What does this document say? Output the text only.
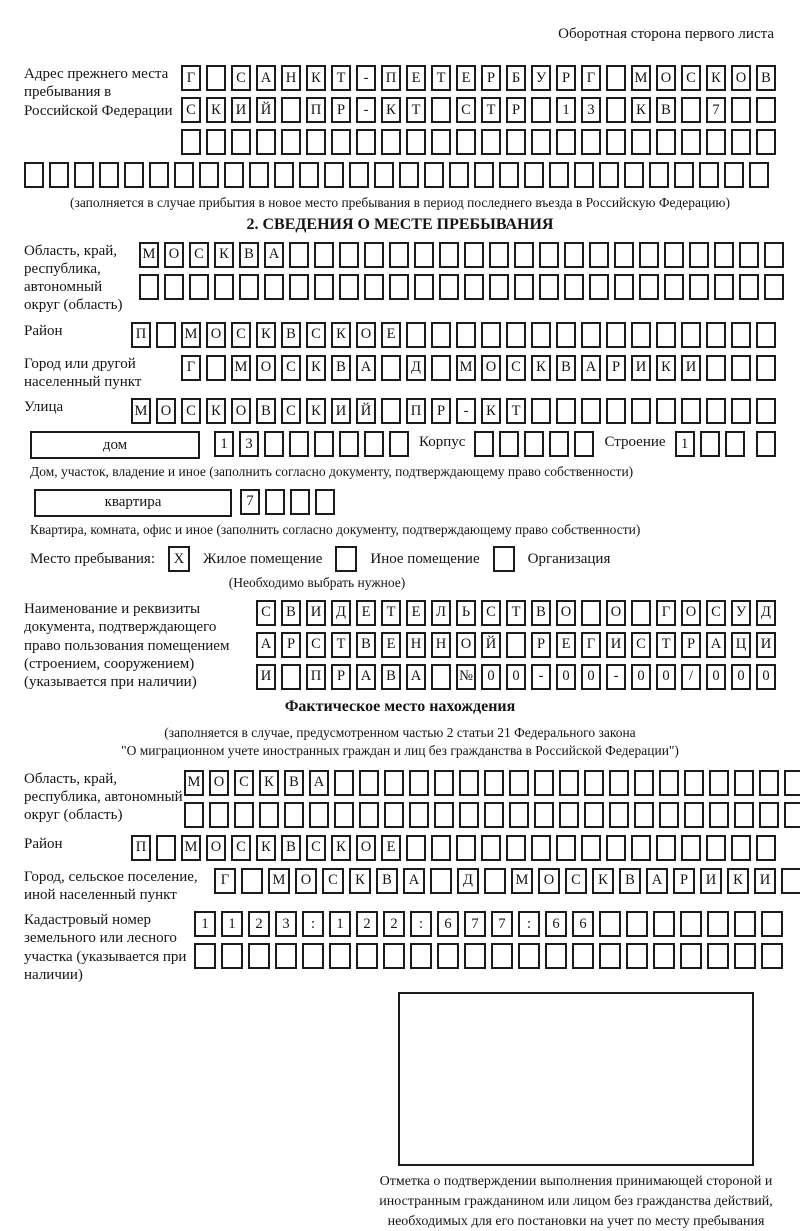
Оборотная сторона первого листа
Адрес прежнего места пребывания в Российской Федерации
Г	С	А	Н	К	Т	-	П	Е	Т	Е	Р	Б	У	Р	Г	М О	С	К	О	В
С	К	И	Й	П	Р	-	К	Т	С	Т	Р	1	3	К	В	7
(заполняется в случае прибытия в новое место пребывания в период последнего въезда в Российскую Федерацию)
2. СВЕДЕНИЯ О МЕСТЕ ПРЕБЫВАНИЯ
Область, край, республика, автономный округ (область)
М О	С	К	В	А
Район	П	М О	С	К	В	С	К	О	Е
Город или другой населенный пункт
Г	М О	С	К	В	А	Д	М О	С	К	В	А	Р	И	К	И
Улица	М О	С	К	О	В	С	К	И	Й	П	Р	-	К	Т
дом	1	3	Корпус	Строение	1
Дом, участок, владение и иное (заполнить согласно документу, подтверждающему право собственности)
квартира	7
Квартира, комната, офис и иное (заполнить согласно документу, подтверждающему право собственности)
Место пребывания:	X	Жилое помещение	Иное помещение	Организация
(Необходимо выбрать нужное)
Наименование и реквизиты документа, подтверждающего право пользования помещением (строением, сооружением) (указывается при наличии)
С	В	И	Д	Е	Т	Е	Л	Ь	С	Т	В	О	О	Г	О	С	У	Д
А	Р	С	Т	В	Е	Н	Н	О	Й	Р	Е	Г	И	С	Т	Р	А	Ц	И
И	П	Р	А	В	А	№ 0	0	-	0	0	-	0	0	/	0	0	0
Фактическое место нахождения
(заполняется в случае, предусмотренном частью 2 статьи 21 Федерального закона
"О миграционном учете иностранных граждан и лиц без гражданства в Российской Федерации")
Область, край, республика, автономный округ (область)
М О	С	К	В	А
Район	П	М О	С	К	В	С	К	О	Е
Город, сельское поселение, иной населенный пункт
Г	М	О	С	К	В	А	Д	М	О	С	К	В	А	Р	И	К	И
Кадастровый номер земельного или лесного участка (указывается при наличии)
1	1	2	3	:	1	2	2	:	6	7	7	:	6	6
Отметка о подтверждении выполнения принимающей стороной и иностранным гражданином или лицом без гражданства действий, необходимых для его постановки на учет по месту пребывания
